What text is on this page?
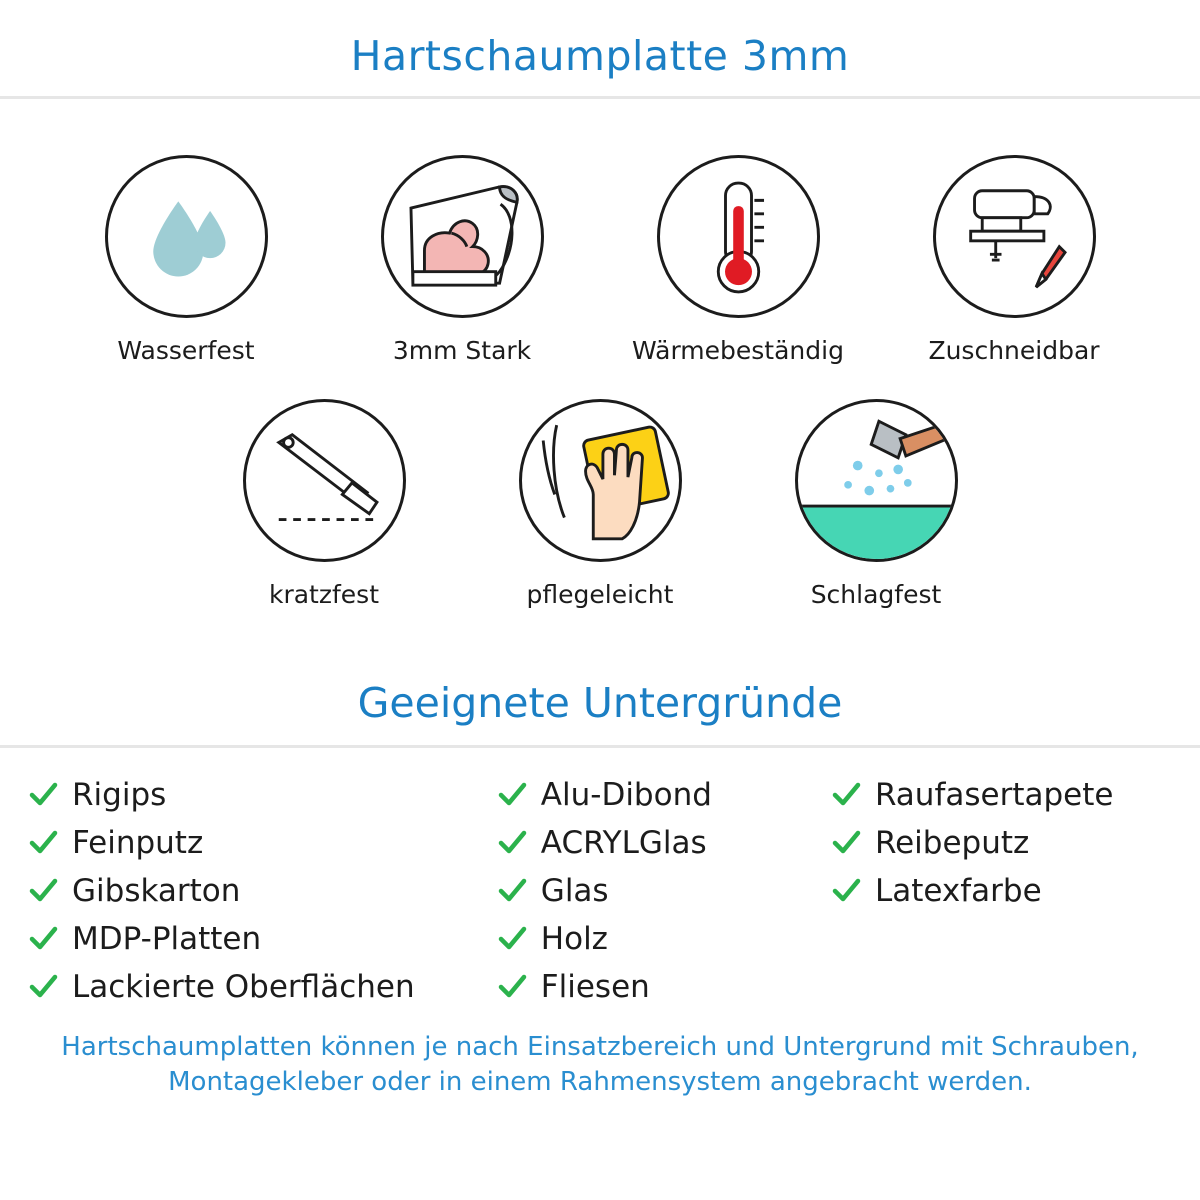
Hartschaumplatte 3mm
Wasserfest	3mm Stark	Wärmebeständig	Zuschneidbar
kratzfest	pflegeleicht	Schlagfest
Geeignete Untergründe
Rigips
Feinputz
Gibskarton
MDP-Platten
Lackierte Oberflächen
Alu-Dibond
ACRYLGlas
Glas
Holz
Fliesen
Raufasertapete
Reibeputz
Latexfarbe
Hartschaumplatten können je nach Einsatzbereich und Untergrund mit Schrauben, Montagekleber oder in einem Rahmensystem angebracht werden.
